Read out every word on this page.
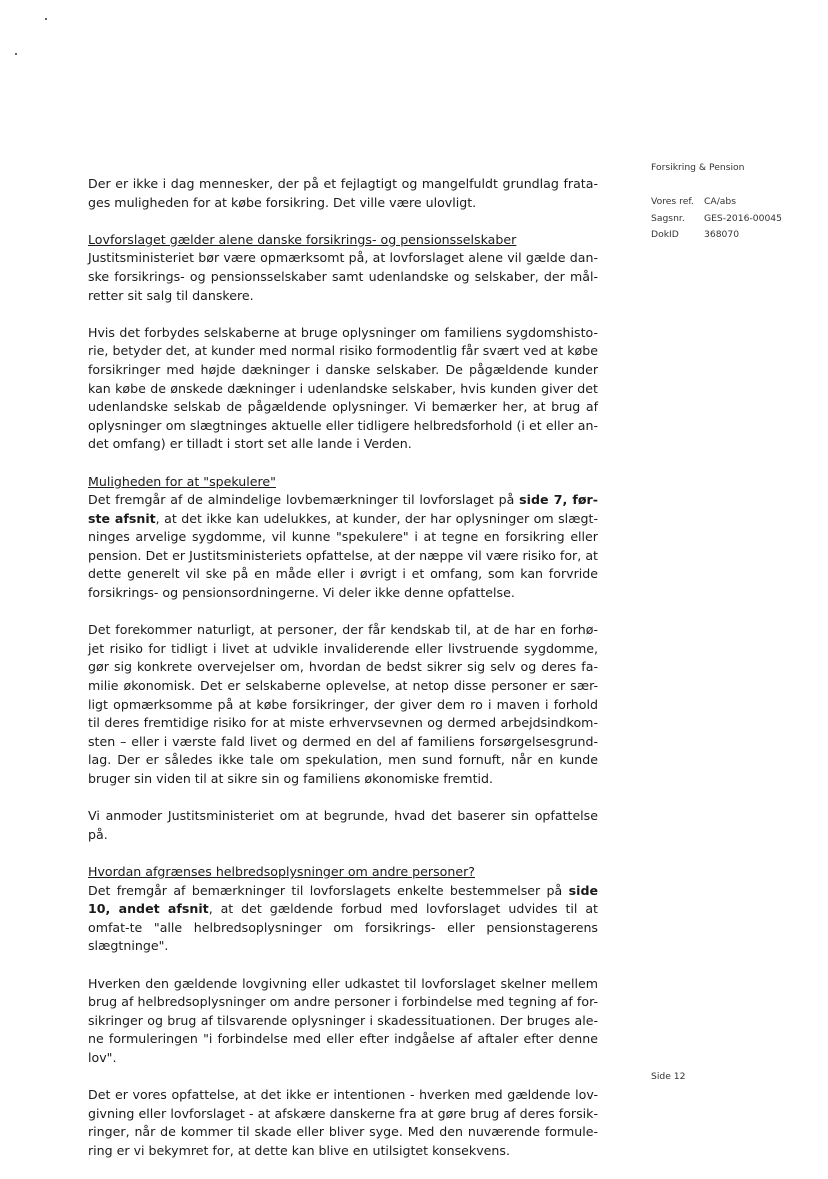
Forsikring & Pension
Vores ref.	CA/abs
Sagsnr.	GES-2016-00045
DokID	368070

Der er ikke i dag mennesker, der på et fejlagtigt og mangelfuldt grundlag frata-ges muligheden for at købe forsikring. Det ville være ulovligt.

Lovforslaget gælder alene danske forsikrings- og pensionsselskaber
Justitsministeriet bør være opmærksomt på, at lovforslaget alene vil gælde dan-ske forsikrings- og pensionsselskaber samt udenlandske og selskaber, der mål-retter sit salg til danskere.

Hvis det forbydes selskaberne at bruge oplysninger om familiens sygdomshisto-rie, betyder det, at kunder med normal risiko formodentlig får svært ved at købe forsikringer med højde dækninger i danske selskaber. De pågældende kunder kan købe de ønskede dækninger i udenlandske selskaber, hvis kunden giver det udenlandske selskab de pågældende oplysninger. Vi bemærker her, at brug af oplysninger om slægtninges aktuelle eller tidligere helbredsforhold (i et eller an-det omfang) er tilladt i stort set alle lande i Verden.

Muligheden for at "spekulere"
Det fremgår af de almindelige lovbemærkninger til lovforslaget på side 7, før-ste afsnit, at det ikke kan udelukkes, at kunder, der har oplysninger om slægt-ninges arvelige sygdomme, vil kunne "spekulere" i at tegne en forsikring eller pension. Det er Justitsministeriets opfattelse, at der næppe vil være risiko for, at dette generelt vil ske på en måde eller i øvrigt i et omfang, som kan forvride forsikrings- og pensionsordningerne. Vi deler ikke denne opfattelse.

Det forekommer naturligt, at personer, der får kendskab til, at de har en forhø-jet risiko for tidligt i livet at udvikle invaliderende eller livstruende sygdomme, gør sig konkrete overvejelser om, hvordan de bedst sikrer sig selv og deres fa-milie økonomisk. Det er selskaberne oplevelse, at netop disse personer er sær-ligt opmærksomme på at købe forsikringer, der giver dem ro i maven i forhold til deres fremtidige risiko for at miste erhvervsevnen og dermed arbejdsindkom-sten – eller i værste fald livet og dermed en del af familiens forsørgelsesgrund-lag. Der er således ikke tale om spekulation, men sund fornuft, når en kunde bruger sin viden til at sikre sin og familiens økonomiske fremtid.

Vi anmoder Justitsministeriet om at begrunde, hvad det baserer sin opfattelse på.

Hvordan afgrænses helbredsoplysninger om andre personer?
Det fremgår af bemærkninger til lovforslagets enkelte bestemmelser på side 10, andet afsnit, at det gældende forbud med lovforslaget udvides til at omfat-te "alle helbredsoplysninger om forsikrings- eller pensionstagerens slægtninge".

Hverken den gældende lovgivning eller udkastet til lovforslaget skelner mellem brug af helbredsoplysninger om andre personer i forbindelse med tegning af for-sikringer og brug af tilsvarende oplysninger i skadessituationen. Der bruges ale-ne formuleringen "i forbindelse med eller efter indgåelse af aftaler efter denne lov".

Det er vores opfattelse, at det ikke er intentionen - hverken med gældende lov-givning eller lovforslaget - at afskære danskerne fra at gøre brug af deres forsik-ringer, når de kommer til skade eller bliver syge. Med den nuværende formule-ring er vi bekymret for, at dette kan blive en utilsigtet konsekvens.

Side 12
